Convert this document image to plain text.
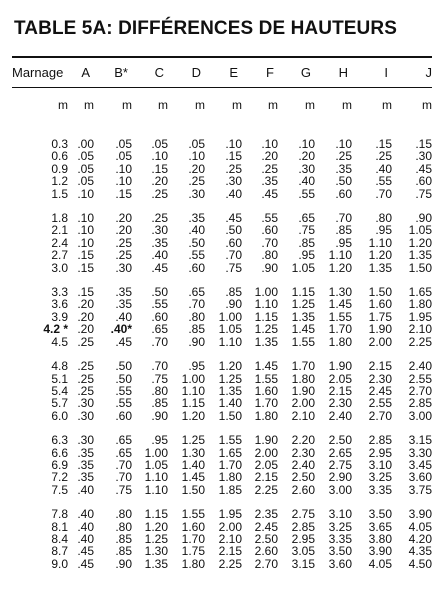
TABLE 5A: DIFFÉRENCES DE HAUTEURS
Marnage	A	B*	C	D	E	F	G	H	I	J
m	m	m	m	m	m	m	m	m	m	m
0.3	.00	.05	.05	.05	.10	.10	.10	.10	.15	.15
0.6	.05	.05	.10	.10	.15	.20	.20	.25	.25	.30
0.9	.05	.10	.15	.20	.25	.25	.30	.35	.40	.45
1.2	.05	.10	.20	.25	.30	.35	.40	.50	.55	.60
1.5	.10	.15	.25	.30	.40	.45	.55	.60	.70	.75
1.8	.10	.20	.25	.35	.45	.55	.65	.70	.80	.90
2.1	.10	.20	.30	.40	.50	.60	.75	.85	.95	1.05
2.4	.10	.25	.35	.50	.60	.70	.85	.95	1.10	1.20
2.7	.15	.25	.40	.55	.70	.80	.95	1.10	1.20	1.35
3.0	.15	.30	.45	.60	.75	.90	1.05	1.20	1.35	1.50
3.3	.15	.35	.50	.65	.85	1.00	1.15	1.30	1.50	1.65
3.6	.20	.35	.55	.70	.90	1.10	1.25	1.45	1.60	1.80
3.9	.20	.40	.60	.80	1.00	1.15	1.35	1.55	1.75	1.95
4.2 *	.20	.40*	.65	.85	1.05	1.25	1.45	1.70	1.90	2.10
4.5	.25	.45	.70	.90	1.10	1.35	1.55	1.80	2.00	2.25
4.8	.25	.50	.70	.95	1.20	1.45	1.70	1.90	2.15	2.40
5.1	.25	.50	.75	1.00	1.25	1.55	1.80	2.05	2.30	2.55
5.4	.25	.55	.80	1.10	1.35	1.60	1.90	2.15	2.45	2.70
5.7	.30	.55	.85	1.15	1.40	1.70	2.00	2.30	2.55	2.85
6.0	.30	.60	.90	1.20	1.50	1.80	2.10	2.40	2.70	3.00
6.3	.30	.65	.95	1.25	1.55	1.90	2.20	2.50	2.85	3.15
6.6	.35	.65	1.00	1.30	1.65	2.00	2.30	2.65	2.95	3.30
6.9	.35	.70	1.05	1.40	1.70	2.05	2.40	2.75	3.10	3.45
7.2	.35	.70	1.10	1.45	1.80	2.15	2.50	2.90	3.25	3.60
7.5	.40	.75	1.10	1.50	1.85	2.25	2.60	3.00	3.35	3.75
7.8	.40	.80	1.15	1.55	1.95	2.35	2.75	3.10	3.50	3.90
8.1	.40	.80	1.20	1.60	2.00	2.45	2.85	3.25	3.65	4.05
8.4	.40	.85	1.25	1.70	2.10	2.50	2.95	3.35	3.80	4.20
8.7	.45	.85	1.30	1.75	2.15	2.60	3.05	3.50	3.90	4.35
9.0	.45	.90	1.35	1.80	2.25	2.70	3.15	3.60	4.05	4.50
